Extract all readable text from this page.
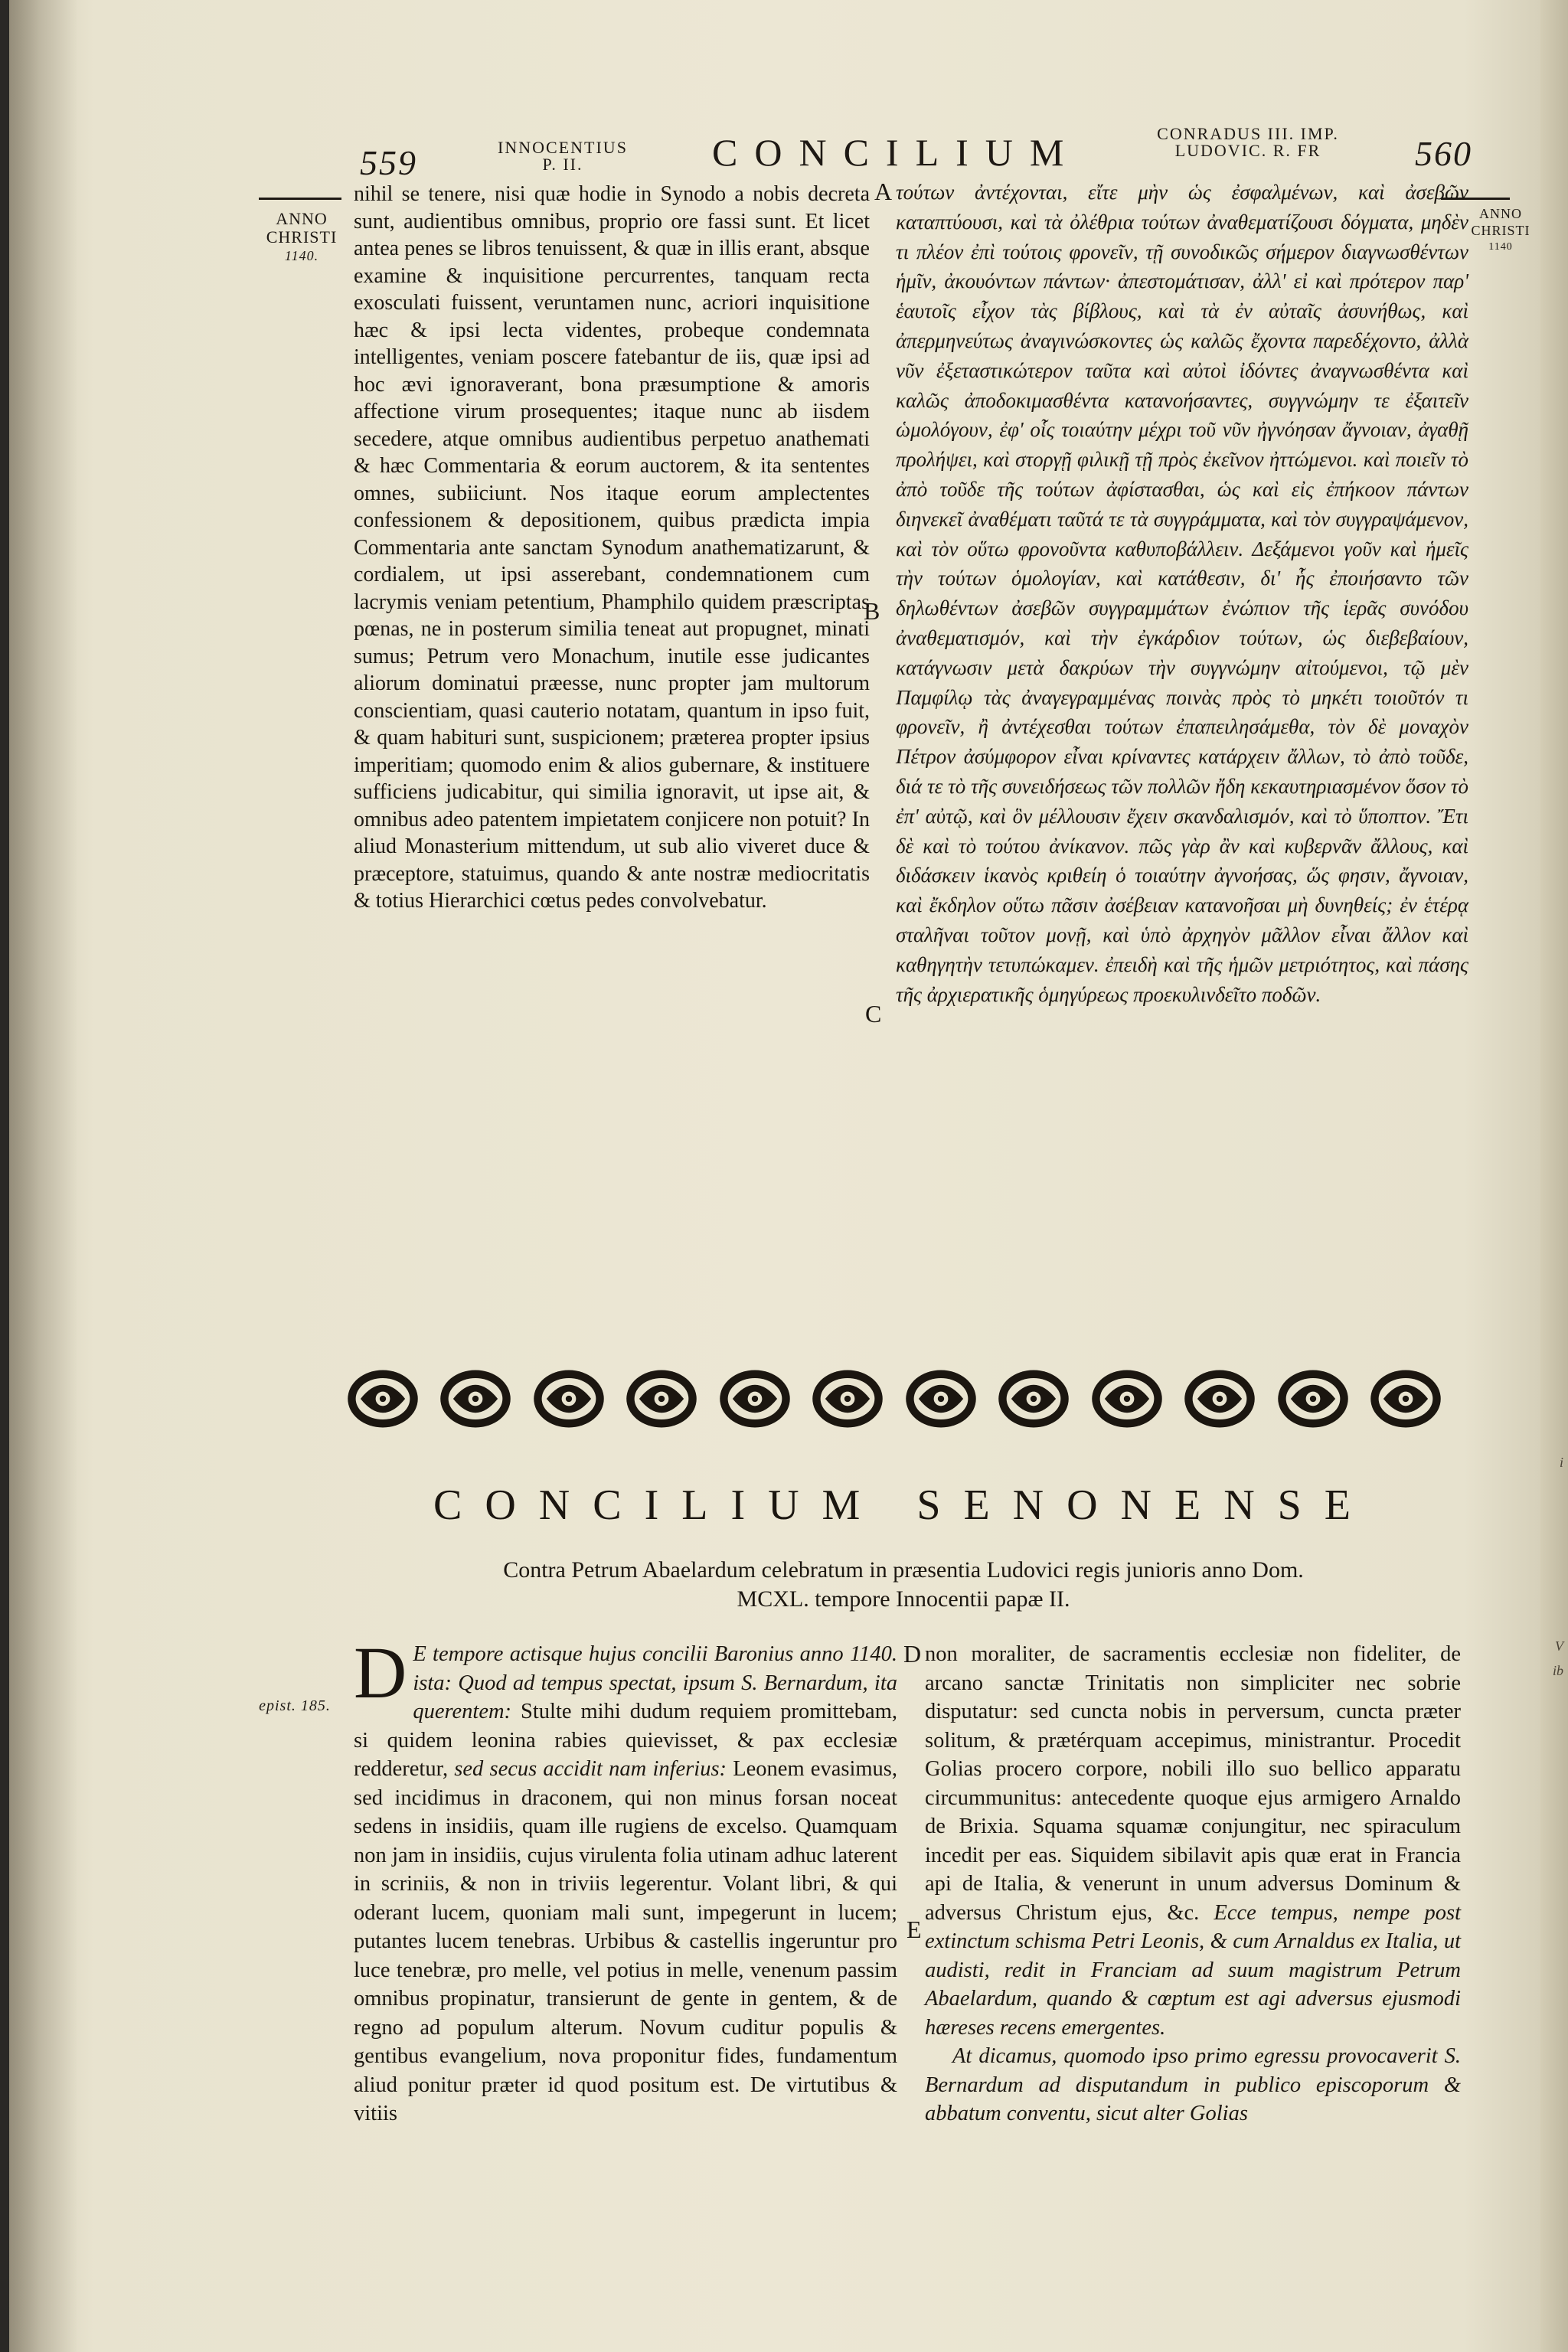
i
V
ib
559	INNOCENTIUS
P. II.	CONCILIUM	CONRADUS III. IMP.
LUDOVIC. R. FR	560
ANNO
CHRISTI
1140.
ANNO
CHRISTI
1140
epist. 185.
A
B
C
D
E

nihil se tenere, nisi quæ hodie in Synodo a nobis decreta sunt, audientibus omnibus, proprio ore fassi sunt. Et licet antea penes se libros tenuissent, & quæ in illis erant, absque examine & inquisitione percurrentes, tanquam recta exosculati fuissent, veruntamen nunc, acriori inquisitione hæc & ipsi lecta videntes, probeque condemnata intelligentes, veniam poscere fatebantur de iis, quæ ipsi ad hoc ævi ignoraverant, bona præsumptione & amoris affectione virum prosequentes; itaque nunc ab iisdem secedere, atque omnibus audientibus perpetuo anathemati & hæc Commentaria & eorum auctorem, & ita sententes omnes, subiiciunt. Nos itaque eorum amplectentes confessionem & depositionem, quibus prædicta impia Commentaria ante sanctam Synodum anathematizarunt, & cordialem, ut ipsi asserebant, condemnationem cum lacrymis veniam petentium, Phamphilo quidem præscriptas pœnas, ne in posterum similia teneat aut propugnet, minati sumus; Petrum vero Monachum, inutile esse judicantes aliorum dominatui præesse, nunc propter jam multorum conscientiam, quasi cauterio notatam, quantum in ipso fuit, & quam habituri sunt, suspicionem; præterea propter ipsius imperitiam; quomodo enim & alios gubernare, & instituere sufficiens judicabitur, qui similia ignoravit, ut ipse ait, & omnibus adeo patentem impietatem conjicere non potuit? In aliud Monasterium mittendum, ut sub alio viveret duce & præceptore, statuimus, quando & ante nostræ mediocritatis & totius Hierarchici cœtus pedes convolvebatur.

τούτων ἀντέχονται, εἴτε μὴν ὡς ἐσφαλμένων, καὶ ἀσεβῶν καταπτύουσι, καὶ τὰ ὀλέθρια τούτων ἀναθεματίζουσι δόγματα, μηδὲν τι πλέον ἐπὶ τούτοις φρονεῖν, τῇ συνοδικῶς σήμερον διαγνωσθέντων ἡμῖν, ἀκουόντων πάντων· ἀπεστομάτισαν, ἀλλ' εἰ καὶ πρότερον παρ' ἑαυτοῖς εἶχον τὰς βίβλους, καὶ τὰ ἐν αὐταῖς ἀσυνήθως, καὶ ἀπερμηνεύτως ἀναγινώσκοντες ὡς καλῶς ἔχοντα παρεδέχοντο, ἀλλὰ νῦν ἐξεταστικώτερον ταῦτα καὶ αὐτοὶ ἰδόντες ἀναγνωσθέντα καὶ καλῶς ἀποδοκιμασθέντα κατανοήσαντες, συγγνώμην τε ἐξαιτεῖν ὡμολόγουν, ἐφ' οἷς τοιαύτην μέχρι τοῦ νῦν ἠγνόησαν ἄγνοιαν, ἀγαθῇ προλήψει, καὶ στοργῇ φιλικῇ τῇ πρὸς ἐκεῖνον ἠττώμενοι. καὶ ποιεῖν τὸ ἀπὸ τοῦδε τῆς τούτων ἀφίστασθαι, ὡς καὶ εἰς ἐπήκοον πάντων διηνεκεῖ ἀναθέματι ταῦτά τε τὰ συγγράμματα, καὶ τὸν συγγραψάμενον, καὶ τὸν οὕτω φρονοῦντα καθυποβάλλειν. Δεξάμενοι γοῦν καὶ ἡμεῖς τὴν τούτων ὁμολογίαν, καὶ κατάθεσιν, δι' ἧς ἐποιήσαντο τῶν δηλωθέντων ἀσεβῶν συγγραμμάτων ἐνώπιον τῆς ἱερᾶς συνόδου ἀναθεματισμόν, καὶ τὴν ἐγκάρδιον τούτων, ὡς διεβεβαίουν, κατάγνωσιν μετὰ δακρύων τὴν συγγνώμην αἰτούμενοι, τῷ μὲν Παμφίλῳ τὰς ἀναγεγραμμένας ποινὰς πρὸς τὸ μηκέτι τοιοῦτόν τι φρονεῖν, ἢ ἀντέχεσθαι τούτων ἐπαπειλησάμεθα, τὸν δὲ μοναχὸν Πέτρον ἀσύμφορον εἶναι κρίναντες κατάρχειν ἄλλων, τὸ ἀπὸ τοῦδε, διά τε τὸ τῆς συνειδήσεως τῶν πολλῶν ἤδη κεκαυτηριασμένον ὅσον τὸ ἐπ' αὐτῷ, καὶ ὃν μέλλουσιν ἔχειν σκανδαλισμόν, καὶ τὸ ὕποπτον. Ἔτι δὲ καὶ τὸ τούτου ἀνίκανον. πῶς γὰρ ἂν καὶ κυβερνᾶν ἄλλους, καὶ διδάσκειν ἱκανὸς κριθείη ὁ τοιαύτην ἀγνοήσας, ὥς φησιν, ἄγνοιαν, καὶ ἔκδηλον οὕτω πᾶσιν ἀσέβειαν κατανοῆσαι μὴ δυνηθείς; ἐν ἑτέρᾳ σταλῆναι τοῦτον μονῇ, καὶ ὑπὸ ἀρχηγὸν μᾶλλον εἶναι ἄλλον καὶ καθηγητὴν τετυπώκαμεν. ἐπειδὴ καὶ τῆς ἡμῶν μετριότητος, καὶ πάσης τῆς ἀρχιερατικῆς ὁμηγύρεως προεκυλινδεῖτο ποδῶν.

CONCILIUM SENONENSE
Contra Petrum Abaelardum celebratum in præsentia Ludovici regis junioris anno Dom.
MCXL. tempore Innocentii papæ II.
D E tempore actisque hujus concilii Baronius anno 1140. ista: Quod ad tempus spectat, ipsum S. Bernardum, ita querentem: Stulte mihi dudum requiem promittebam, si quidem leonina rabies quievisset, & pax ecclesiæ redderetur, sed secus accidit nam inferius: Leonem evasimus, sed incidimus in draconem, qui non minus forsan noceat sedens in insidiis, quam ille rugiens de excelso. Quamquam non jam in insidiis, cujus virulenta folia utinam adhuc laterent in scriniis, & non in triviis legerentur. Volant libri, & qui oderant lucem, quoniam mali sunt, impegerunt in lucem; putantes lucem tenebras. Urbibus & castellis ingeruntur pro luce tenebræ, pro melle, vel potius in melle, venenum passim omnibus propinatur, transierunt de gente in gentem, & de regno ad populum alterum. Novum cuditur populis & gentibus evangelium, nova proponitur fides, fundamentum aliud ponitur præter id quod positum est. De virtutibus & vitiis
non moraliter, de sacramentis ecclesiæ non fideliter, de arcano sanctæ Trinitatis non simpliciter nec sobrie disputatur: sed cuncta nobis in perversum, cuncta præter solitum, & prætérquam accepimus, ministrantur. Procedit Golias procero corpore, nobili illo suo bellico apparatu circummunitus: antecedente quoque ejus armigero Arnaldo de Brixia. Squama squamæ conjungitur, nec spiraculum incedit per eas. Siquidem sibilavit apis quæ erat in Francia api de Italia, & venerunt in unum adversus Dominum & adversus Christum ejus, &c. Ecce tempus, nempe post extinctum schisma Petri Leonis, & cum Arnaldus ex Italia, ut audisti, redit in Franciam ad suum magistrum Petrum Abaelardum, quando & cœptum est agi adversus ejusmodi hæreses recens emergentes.

At dicamus, quomodo ipso primo egressu provocaverit S. Bernardum ad disputandum in publico episcoporum & abbatum conventu, sicut alter Golias
